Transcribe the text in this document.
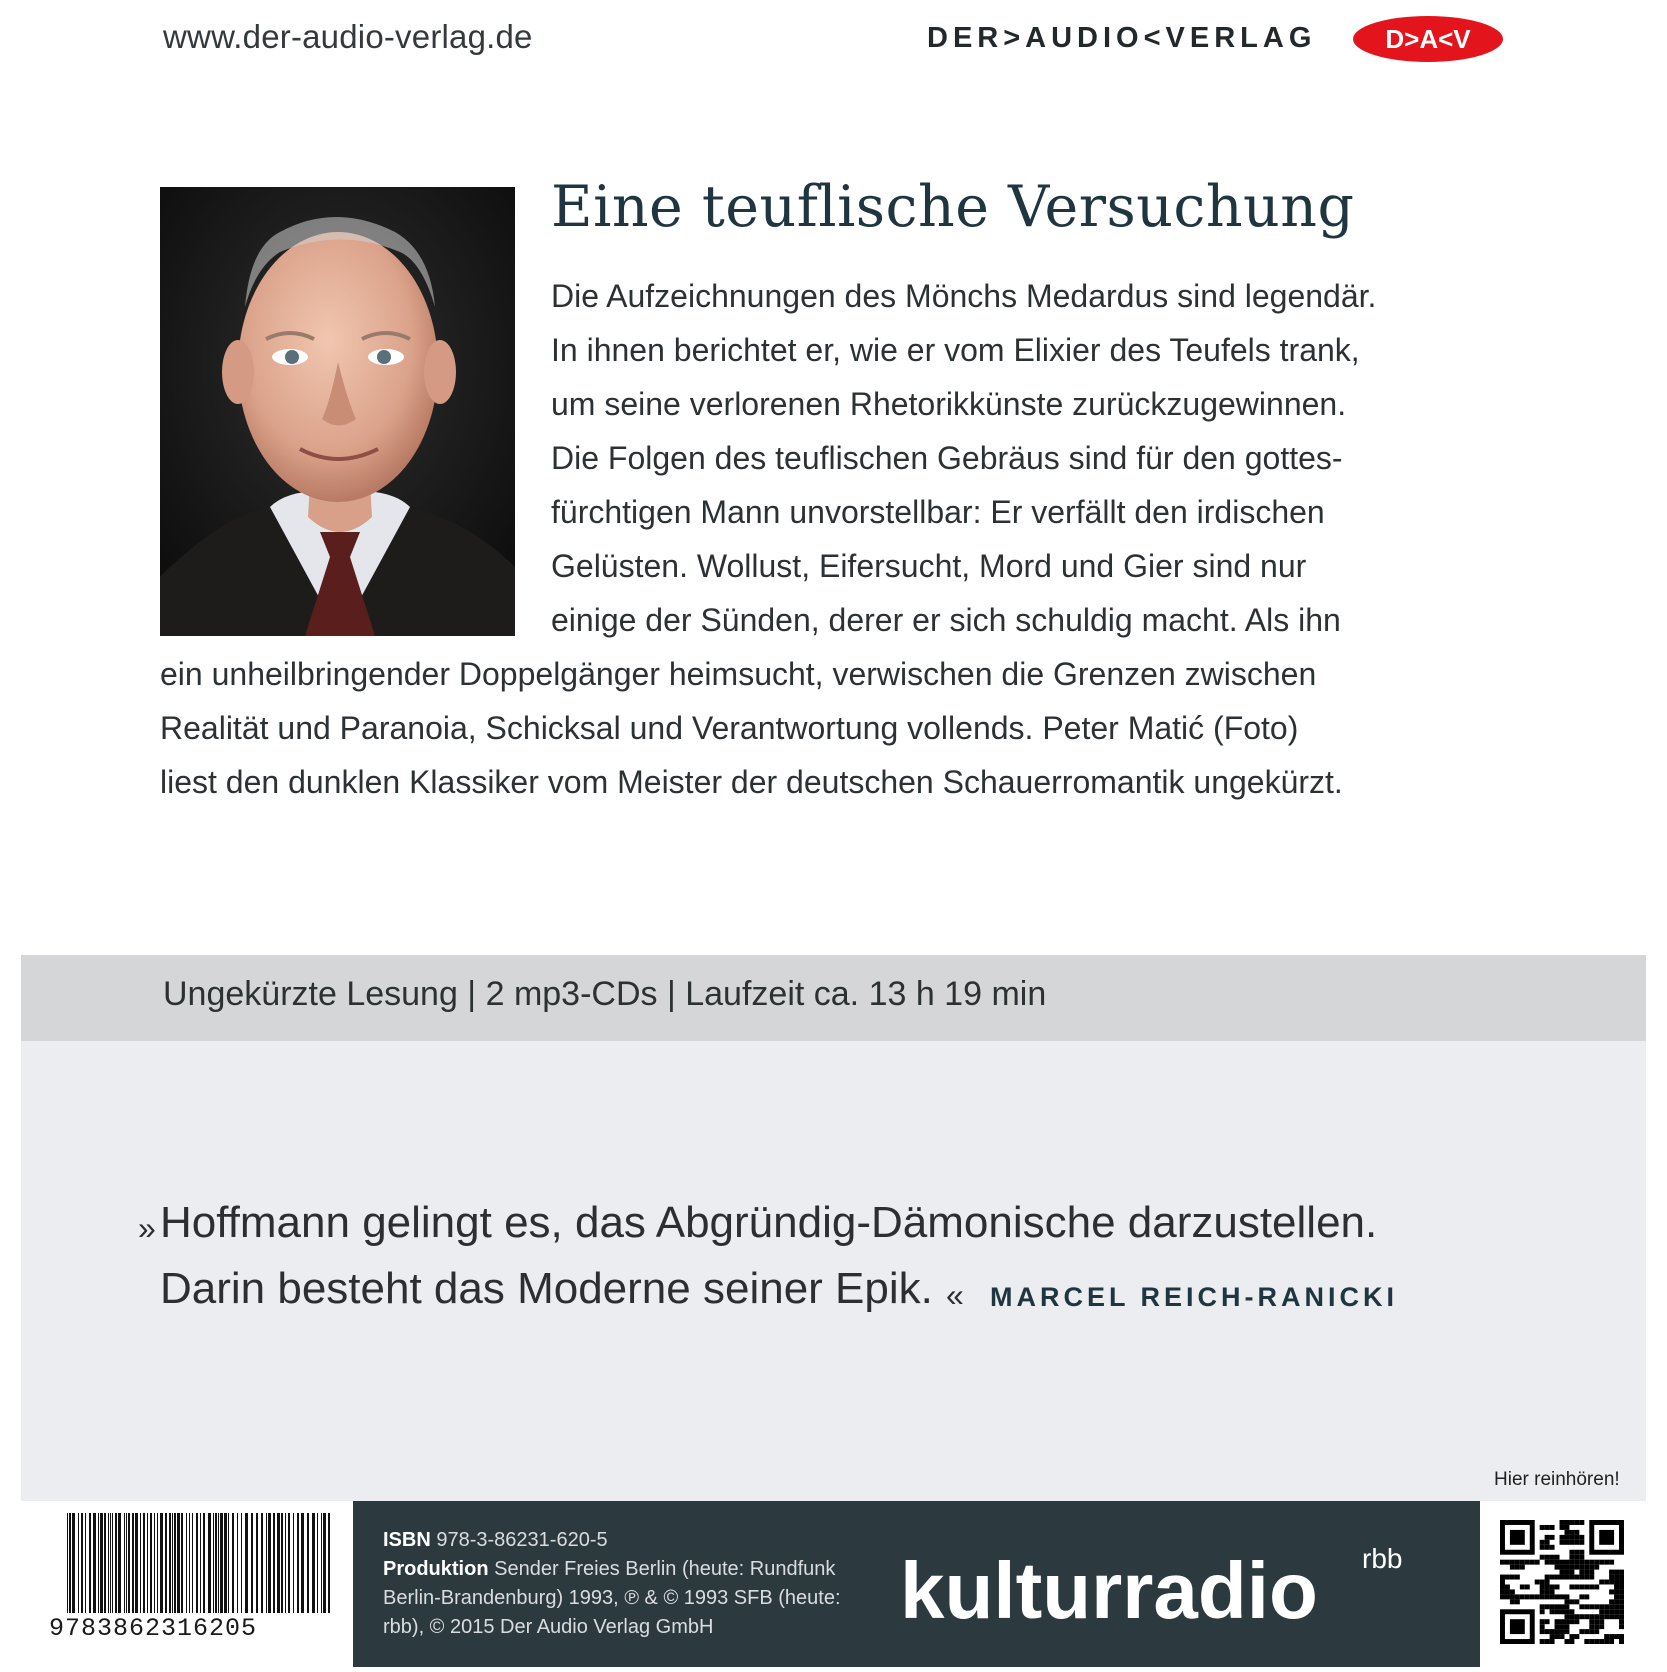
www.der-audio-verlag.de	DER>AUDIO<VERLAG	D>A<V
Eine teuflische Versuchung
Die Aufzeichnungen des Mönchs Medardus sind legendär.
In ihnen berichtet er, wie er vom Elixier des Teufels trank,
um seine verlorenen Rhetorikkünste zurückzugewinnen.
Die Folgen des teuflischen Gebräus sind für den gottes-
fürchtigen Mann unvorstellbar: Er verfällt den irdischen
Gelüsten. Wollust, Eifersucht, Mord und Gier sind nur
einige der Sünden, derer er sich schuldig macht. Als ihn
ein unheilbringender Doppelgänger heimsucht, verwischen die Grenzen zwischen
Realität und Paranoia, Schicksal und Verantwortung vollends. Peter Matić (Foto)
liest den dunklen Klassiker vom Meister der deutschen Schauerromantik ungekürzt.
Ungekürzte Lesung | 2 mp3-CDs | Laufzeit ca. 13 h 19 min
» Hoffmann gelingt es, das Abgründig-Dämonische darzustellen.
Darin besteht das Moderne seiner Epik. « MARCEL REICH-RANICKI
9783862316205
ISBN 978-3-86231-620-5
Produktion Sender Freies Berlin (heute: Rundfunk
Berlin-Brandenburg) 1993, ℗ & © 1993 SFB (heute:
rbb), © 2015 Der Audio Verlag GmbH kulturradio rbb
Hier reinhören!
